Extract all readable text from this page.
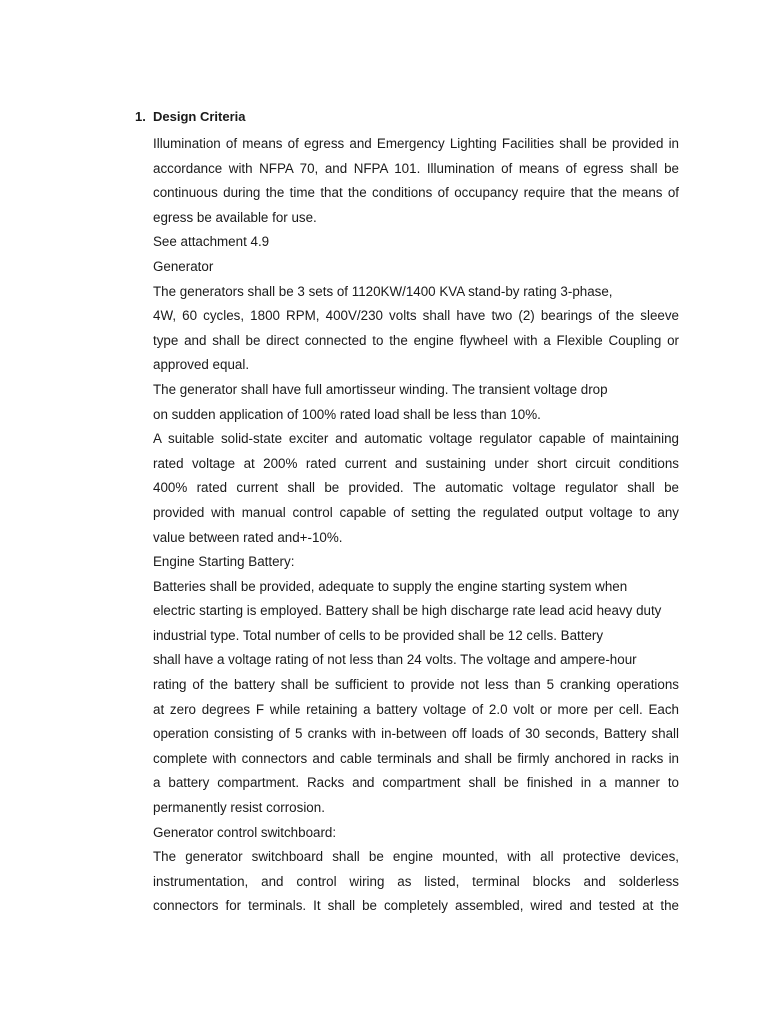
1. Design Criteria
Illumination of means of egress and Emergency Lighting Facilities shall be provided in
accordance with NFPA 70, and NFPA 101. Illumination of means of egress shall be
continuous during the time that the conditions of occupancy require that the means of
egress be available for use.
See attachment 4.9
Generator
The generators shall be 3 sets of 1120KW/1400 KVA stand-by rating 3-phase,
4W, 60 cycles, 1800 RPM, 400V/230 volts shall have two (2) bearings of the sleeve
type and shall be direct connected to the engine flywheel with a Flexible Coupling or
approved equal.
The generator shall have full amortisseur winding. The transient voltage drop
on sudden application of 100% rated load shall be less than 10%.
A suitable solid-state exciter and automatic voltage regulator capable of maintaining
rated voltage at 200% rated current and sustaining under short circuit conditions
400% rated current shall be provided. The automatic voltage regulator shall be
provided with manual control capable of setting the regulated output voltage to any
value between rated and+-10%.
Engine Starting Battery:
Batteries shall be provided, adequate to supply the engine starting system when
electric starting is employed. Battery shall be high discharge rate lead acid heavy duty
industrial type. Total number of cells to be provided shall be 12 cells. Battery
shall have a voltage rating of not less than 24 volts. The voltage and ampere-hour
rating of the battery shall be sufficient to provide not less than 5 cranking operations
at zero degrees F while retaining a battery voltage of 2.0 volt or more per cell. Each
operation consisting of 5 cranks with in-between off loads of 30 seconds, Battery shall
complete with connectors and cable terminals and shall be firmly anchored in racks in
a battery compartment. Racks and compartment shall be finished in a manner to
permanently resist corrosion.
Generator control switchboard:
The generator switchboard shall be engine mounted, with all protective devices,
instrumentation, and control wiring as listed, terminal blocks and solderless
connectors for terminals. It shall be completely assembled, wired and tested at the
